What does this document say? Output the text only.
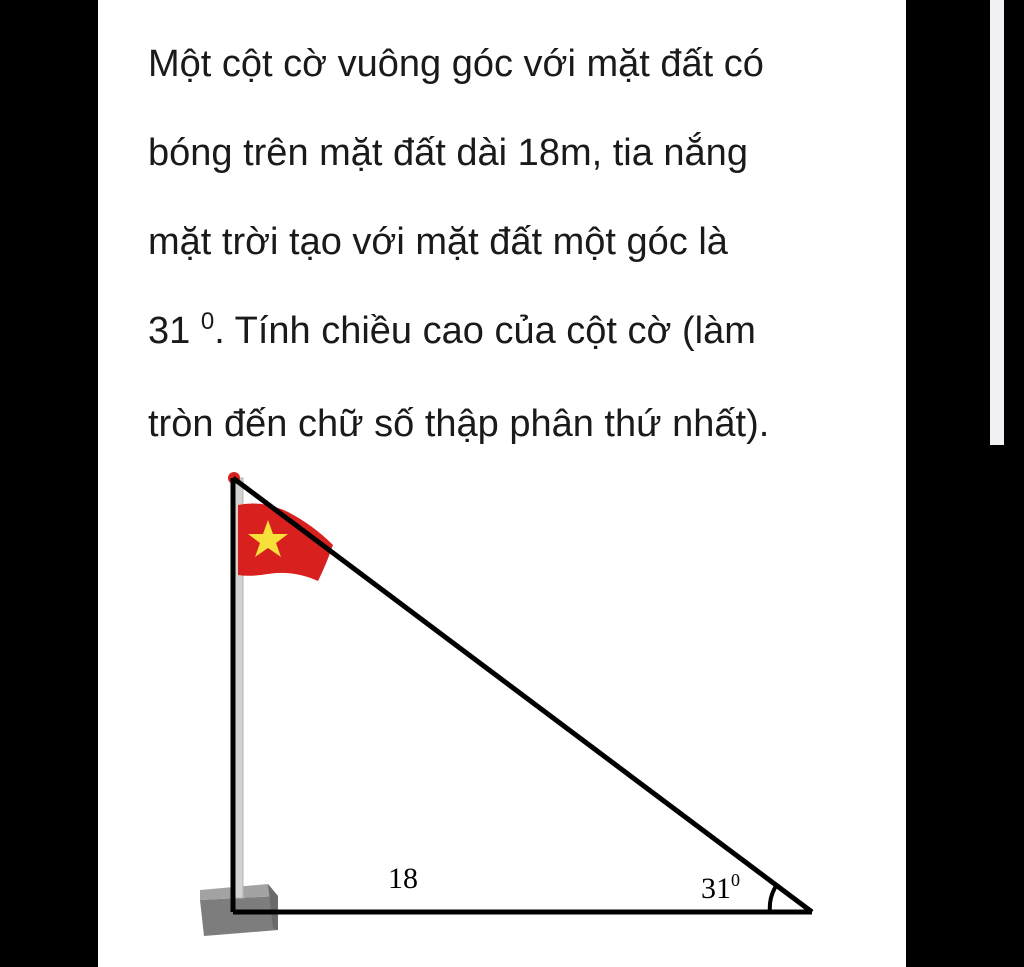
Một cột cờ vuông góc với mặt đất có
bóng trên mặt đất dài 18m, tia nắng
mặt trời tạo với mặt đất một góc là
31 $^0$. Tính chiều cao của cột cờ (làm
tròn đến chữ số thập phân thứ nhất).

18	$31^0$
